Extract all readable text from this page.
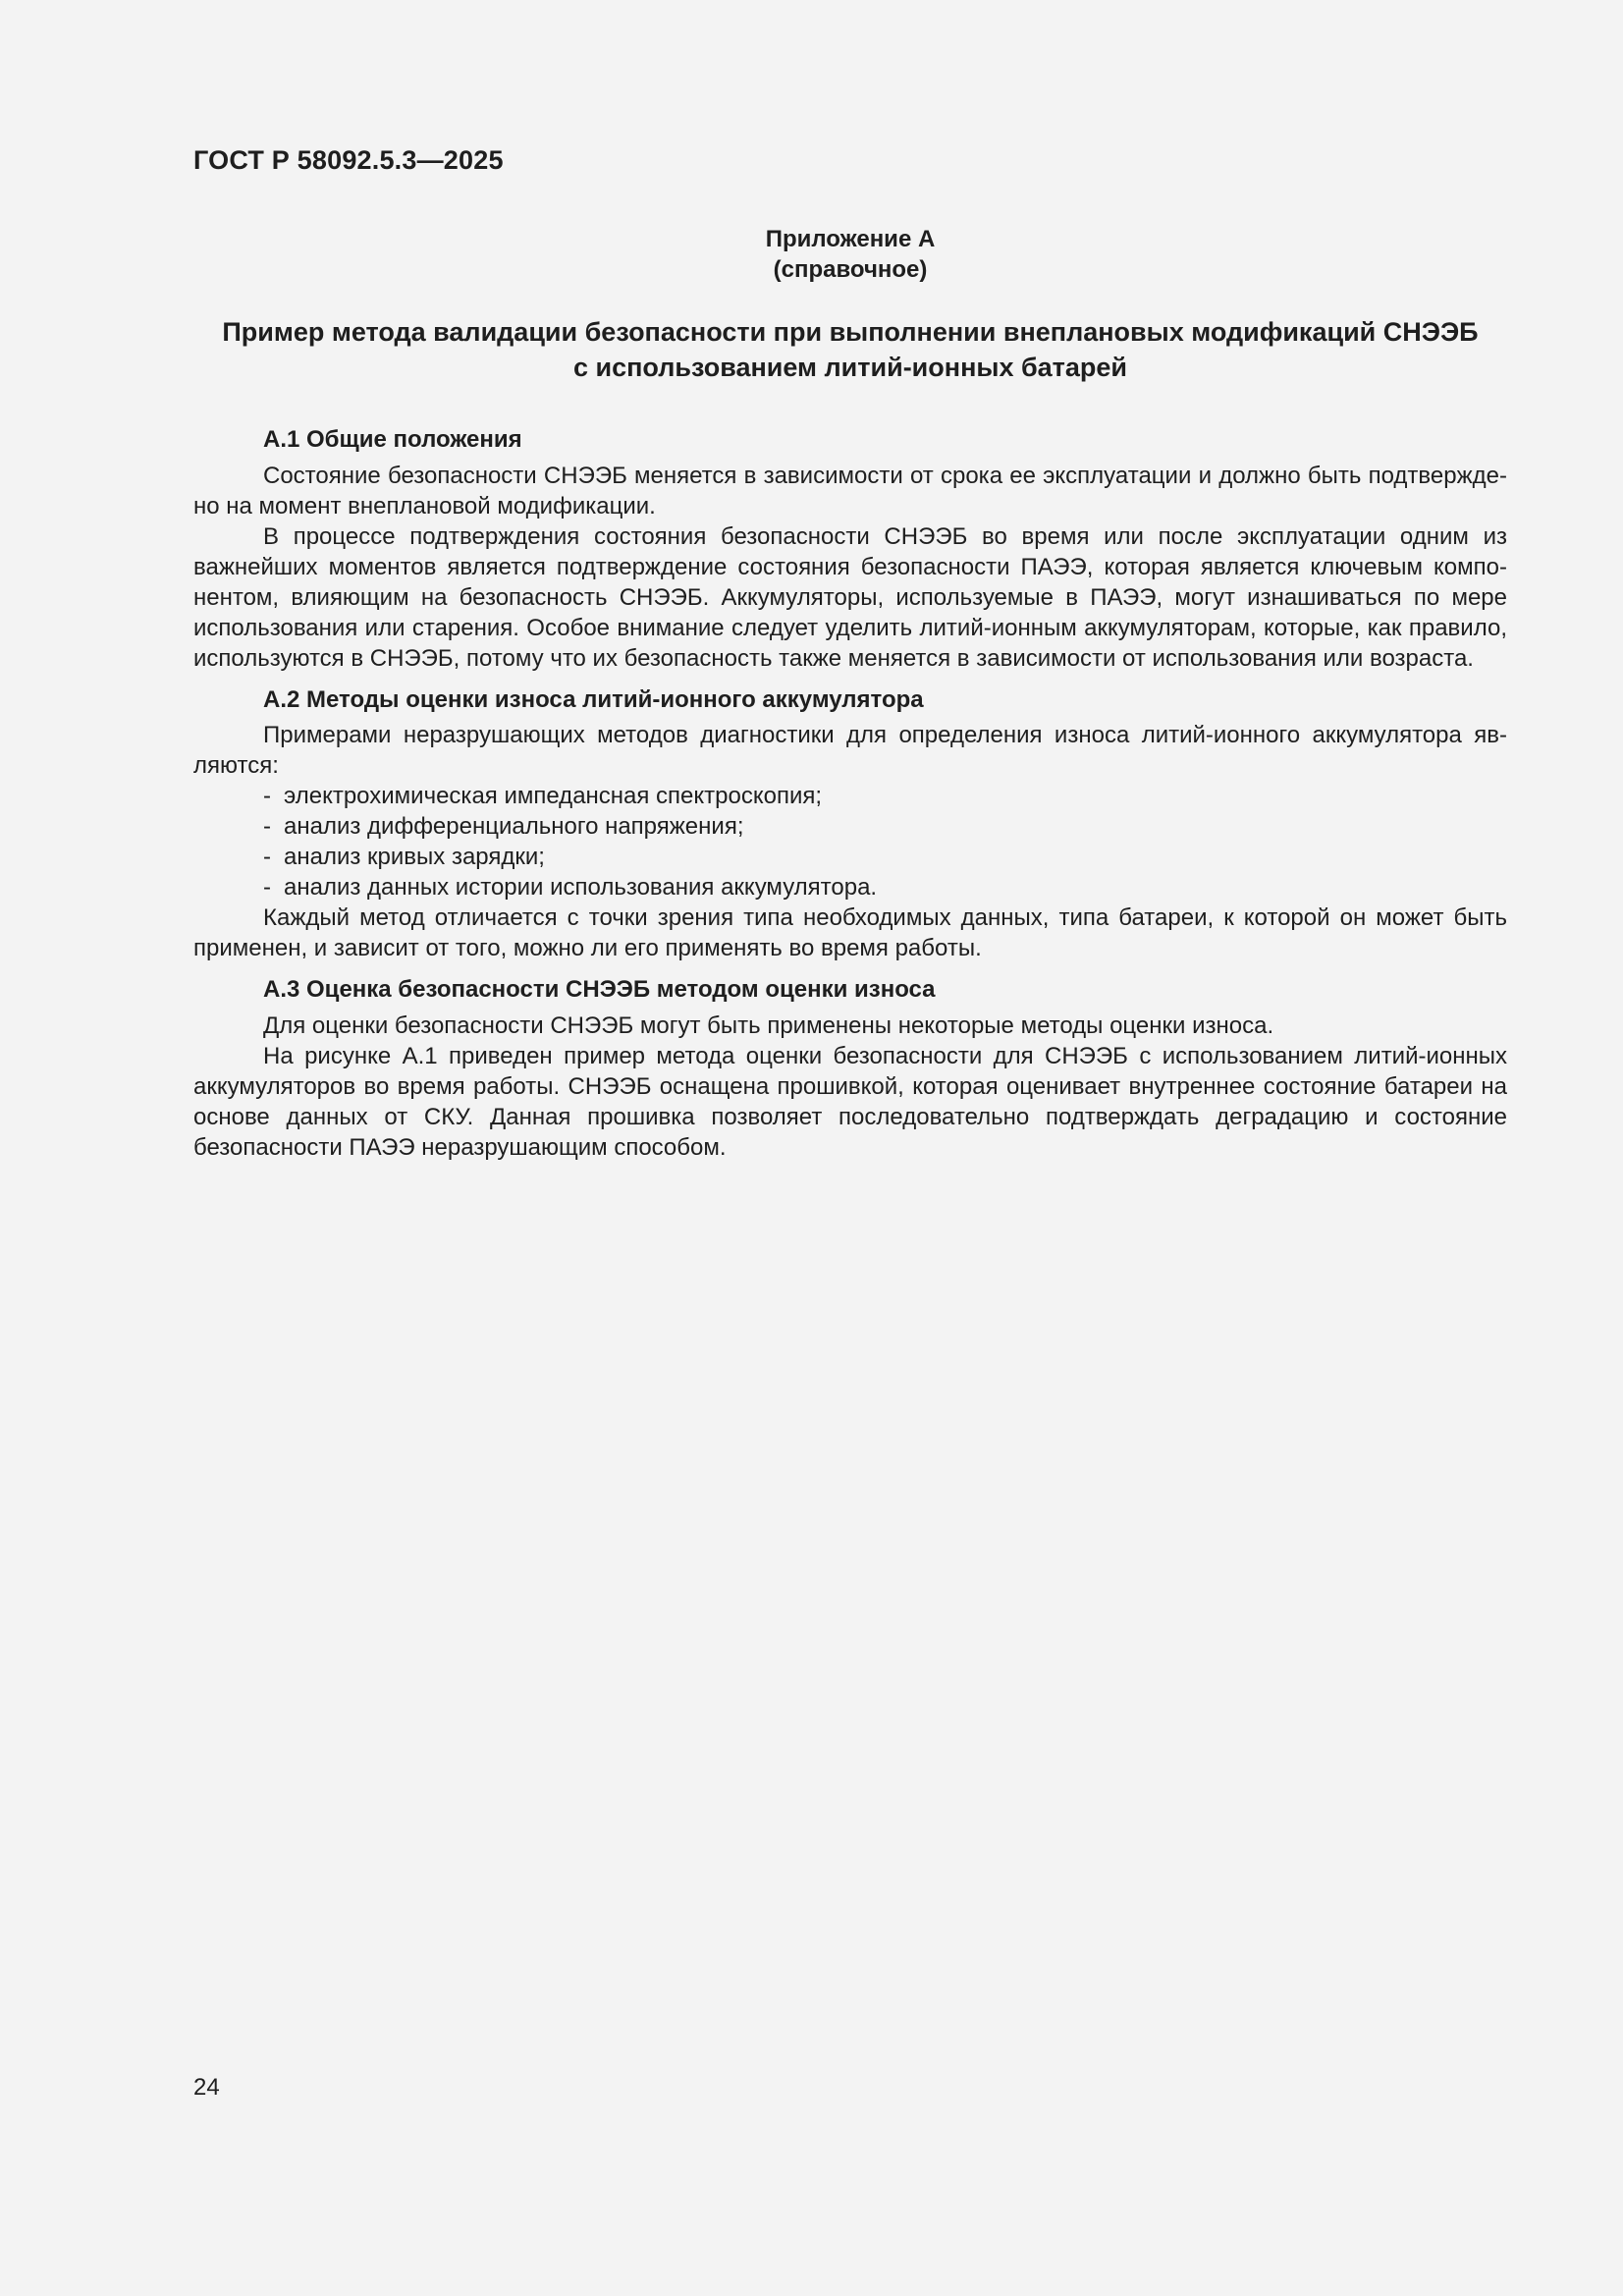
ГОСТ Р 58092.5.3—2025
Приложение А
(справочное)
Пример метода валидации безопасности при выполнении внеплановых модификаций СНЭЭБ
с использованием литий-ионных батарей
А.1 Общие положения

Состояние безопасности СНЭЭБ меняется в зависимости от срока ее эксплуатации и должно быть подтверждено на момент внеплановой модификации.

В процессе подтверждения состояния безопасности СНЭЭБ во время или после эксплуатации одним из важнейших моментов является подтверждение состояния безопасности ПАЭЭ, которая является ключевым компонентом, влияющим на безопасность СНЭЭБ. Аккумуляторы, используемые в ПАЭЭ, могут изнашиваться по мере использования или старения. Особое внимание следует уделить литий-ионным аккумуляторам, которые, как правило, используются в СНЭЭБ, потому что их безопасность также меняется в зависимости от использования или возраста.

А.2 Методы оценки износа литий-ионного аккумулятора

Примерами неразрушающих методов диагностики для определения износа литий-ионного аккумулятора являются:

- электрохимическая импедансная спектроскопия;
- анализ дифференциального напряжения;
- анализ кривых зарядки;
- анализ данных истории использования аккумулятора.

Каждый метод отличается с точки зрения типа необходимых данных, типа батареи, к которой он может быть применен, и зависит от того, можно ли его применять во время работы.

А.3 Оценка безопасности СНЭЭБ методом оценки износа

Для оценки безопасности СНЭЭБ могут быть применены некоторые методы оценки износа.

На рисунке А.1 приведен пример метода оценки безопасности для СНЭЭБ с использованием литий-ионных аккумуляторов во время работы. СНЭЭБ оснащена прошивкой, которая оценивает внутреннее состояние батареи на основе данных от СКУ. Данная прошивка позволяет последовательно подтверждать деградацию и состояние безопасности ПАЭЭ неразрушающим способом.

24
